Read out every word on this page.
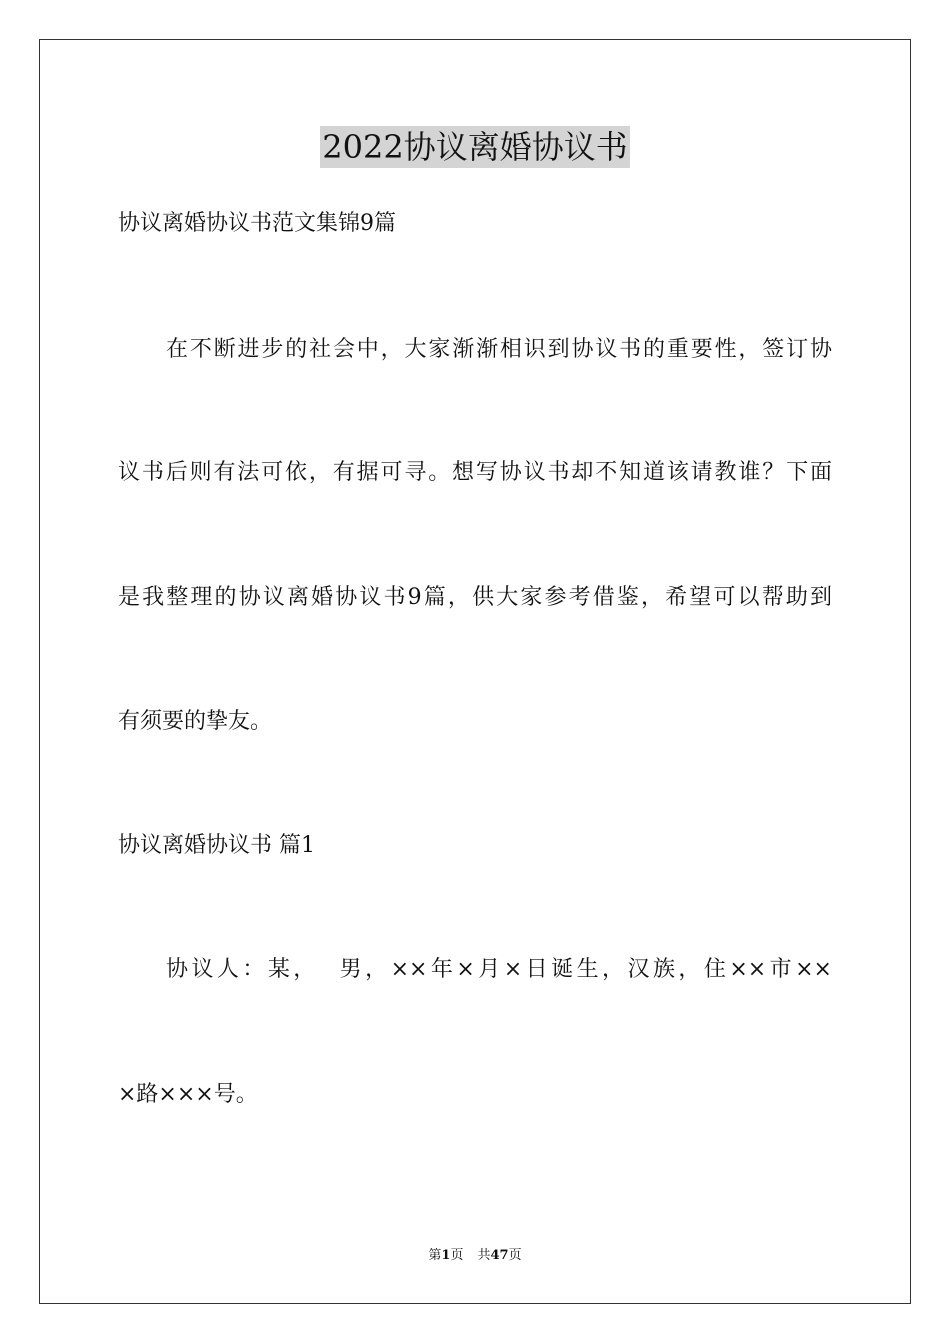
2022协议离婚协议书
协议离婚协议书范文集锦9篇
在不断进步的社会中，大家渐渐相识到协议书的重要性，签订协
议书后则有法可依，有据可寻。想写协议书却不知道该请教谁？下面
是我整理的协议离婚协议书9篇，供大家参考借鉴，希望可以帮助到
有须要的挚友。
协议离婚协议书 篇1
协议人：某，  男，××年×月×日诞生，汉族，住××市××
×路×××号。
第1页 共47页
